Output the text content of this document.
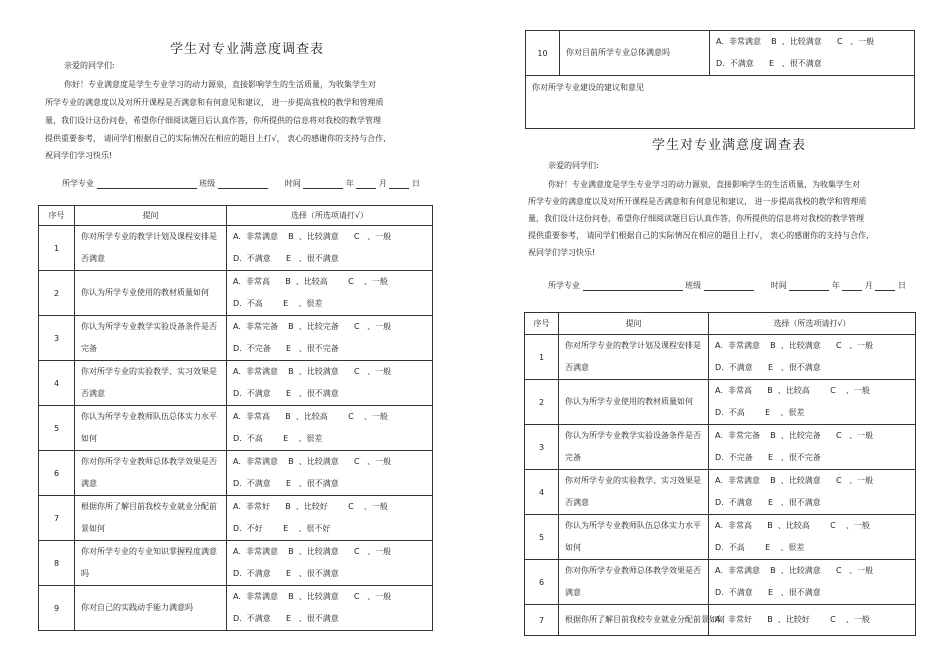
学生对专业满意度调查表
亲爱的同学们:
你好！专业满意度是学生专业学习的动力源泉，直接影响学生的生活质量，为收集学生对
所学专业的满意度以及对所开课程是否满意和有何意见和建议， 进一步提高我校的教学和管理质
量，我们设计这份问卷，希望你仔细阅读题目后认真作答，你所提供的信息将对我校的教学管理
提供重要参考， 请同学们根据自己的实际情况在相应的题目上打√， 衷心的感谢你的支持与合作,
祝同学们学习快乐!
所学专业	班级	时间	年	月	日
序号	提问	选择（所选项请打√）
1	你对所学专业的教学计划及课程安排是否满意	A.  非常满意    B  、比较满意      C   、一般
D.  不满意      E   、很不满意

2	你认为所学专业使用的教材质量如何	A.  非常高      B  、比较高        C    、一般
D.  不高        E    、很差

3	你认为所学专业教学实验设备条件是否完备	A.  非常完备    B  、比较完备      C   、一般
D.  不完备      E   、很不完备

4	你对所学专业的实验教学、实习效果是否满意	A.  非常满意    B  、比较满意      C   、一般
D.  不满意      E   、很不满意

5	你认为所学专业教师队伍总体实力水平如何	A.  非常高      B  、比较高        C    、一般
D.  不高        E    、很差

6	你对你所学专业教师总体教学效果是否满意	A.  非常满意    B  、比较满意      C   、一般
D.  不满意      E   、很不满意

7	根据你所了解目前我校专业就业分配前景如何	A.  非常好      B  、比较好        C    、一般
D.  不好        E    、很不好

8	你对所学专业的专业知识掌握程度满意吗	A.  非常满意    B  、比较满意      C   、一般
D.  不满意      E   、很不满意

9	你对自己的实践动手能力满意吗	A.  非常满意    B  、比较满意      C   、一般
D.  不满意      E   、很不满意
10	你对目前所学专业总体满意吗	
A.  非常满意    B  、比较满意      C   、一般
D.  不满意      E   、很不满意

你对所学专业建设的建议和意见
学生对专业满意度调查表
亲爱的同学们:
你好！专业满意度是学生专业学习的动力源泉，直接影响学生的生活质量，为收集学生对
所学专业的满意度以及对所开课程是否满意和有何意见和建议， 进一步提高我校的教学和管理质
量，我们设计这份问卷，希望你仔细阅读题目后认真作答，你所提供的信息将对我校的教学管理
提供重要参考， 请同学们根据自己的实际情况在相应的题目上打√， 衷心的感谢你的支持与合作,
祝同学们学习快乐!
所学专业	班级	时间	年	月	日
序号	提问	选择（所选项请打√）
1	你对所学专业的教学计划及课程安排是否满意	A.  非常满意    B  、比较满意      C   、一般
D.  不满意      E   、很不满意

2	你认为所学专业使用的教材质量如何	A.  非常高      B  、比较高        C    、一般
D.  不高        E    、很差

3	你认为所学专业教学实验设备条件是否完备	A.  非常完备    B  、比较完备      C   、一般
D.  不完备      E   、很不完备

4	你对所学专业的实验教学、实习效果是否满意	A.  非常满意    B  、比较满意      C   、一般
D.  不满意      E   、很不满意

5	你认为所学专业教师队伍总体实力水平如何	A.  非常高      B  、比较高        C    、一般
D.  不高        E    、很差

6	你对你所学专业教师总体教学效果是否满意	A.  非常满意    B  、比较满意      C   、一般
D.  不满意      E   、很不满意

7	根据你所了解目前我校专业就业分配前景如何	A.  非常好      B  、比较好        C    、一般
